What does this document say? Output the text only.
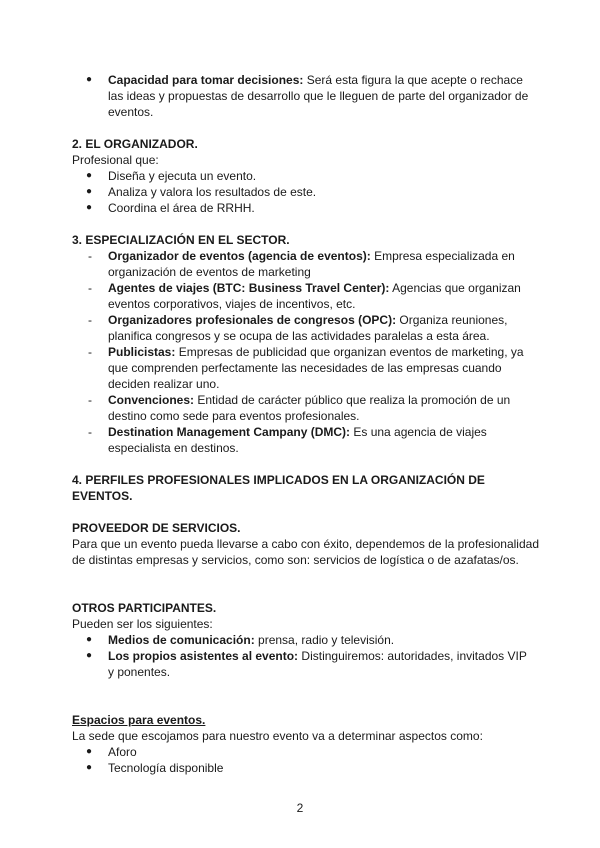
● Capacidad para tomar decisiones: Será esta figura la que acepte o rechace las ideas y propuestas de desarrollo que le lleguen de parte del organizador de eventos.
2. EL ORGANIZADOR.
Profesional que:
● Diseña y ejecuta un evento.
● Analiza y valora los resultados de este.
● Coordina el área de RRHH.
3. ESPECIALIZACIÓN EN EL SECTOR.
- Organizador de eventos (agencia de eventos): Empresa especializada en organización de eventos de marketing
- Agentes de viajes (BTC: Business Travel Center): Agencias que organizan eventos corporativos, viajes de incentivos, etc.
- Organizadores profesionales de congresos (OPC): Organiza reuniones, planifica congresos y se ocupa de las actividades paralelas a esta área.
- Publicistas: Empresas de publicidad que organizan eventos de marketing, ya que comprenden perfectamente las necesidades de las empresas cuando deciden realizar uno.
- Convenciones: Entidad de carácter público que realiza la promoción de un destino como sede para eventos profesionales.
- Destination Management Campany (DMC): Es una agencia de viajes especialista en destinos.
4. PERFILES PROFESIONALES IMPLICADOS EN LA ORGANIZACIÓN DE EVENTOS.
PROVEEDOR DE SERVICIOS.
Para que un evento pueda llevarse a cabo con éxito, dependemos de la profesionalidad de distintas empresas y servicios, como son: servicios de logística o de azafatas/os.
OTROS PARTICIPANTES.
Pueden ser los siguientes:
● Medios de comunicación: prensa, radio y televisión.
● Los propios asistentes al evento: Distinguiremos: autoridades, invitados VIP y ponentes.
Espacios para eventos.
La sede que escojamos para nuestro evento va a determinar aspectos como:
● Aforo
● Tecnología disponible
2
